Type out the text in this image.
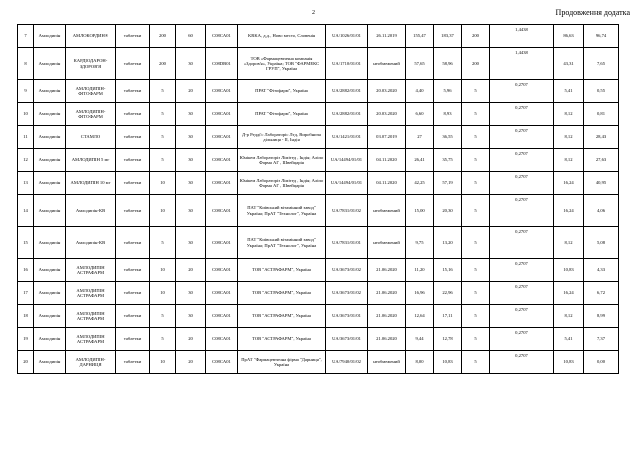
2	Продовження додатка
7	Амлодипін	АМЛОКОРДИН®	таблетки	200	60	C08CA01	KRKA, д.д., Ново место, Словенія	UA/1026/01/01	26.11.2019	155,47	183,37	200	1,4438	86,63	96,74
8	Амлодипін	КАРДІОДАРОН-ЗДОРОВ'Я	таблетки	200	30	C08DB01	ТОВ «Фармацевтична компанія «Здоров'я», Україна; ТОВ "ФАРМЕКС ГРУП", Україна	UA/1710/01/01	необмежений	57,65	58,96	200	1,4438	43,31	7,65
9	Амлодипін	АМЛОДИПІН-ФІТОФАРМ	таблетки	5	20	C08CA01	ПРАТ "Фітофарм", Україна	UA/2882/01/01	20.03.2020	4,40	5,96	5	0,2707	5,41	0,55
10	Амлодипін	АМЛОДИПІН-ФІТОФАРМ	таблетки	5	30	C08CA01	ПРАТ "Фітофарм", Україна	UA/2882/01/01	20.03.2020	6,60	8,93	5	0,2707	8,12	0,81
11	Амлодипін	СТАМЛО	таблетки	5	30	C08CA01	Д-р Редді'с Лабораторіс Лтд, Виробнича дільниця - II, Індія	UA/1421/01/01	03.07.2019	27	36,55	5	0,2707	8,12	28,43
12	Амлодипін	АМЛОДИПІН 5 мг	таблетки	5	30	C08CA01	Юнікем Лабораторіз Лімітед , Індія; Аліпо Фарма АГ , Швейцарія	UA/14494/01/01	04.11.2020	26,41	35,75	5	0,2707	8,12	27,63
13	Амлодипін	АМЛОДИПІН 10 мг	таблетки	10	30	C08CA01	Юнікем Лабораторіз Лімітед , Індія; Аліпо Фарма АГ , Швейцарія	UA/14494/01/01	04.11.2020	42,25	57,19	5	0,2707	16,24	40,95
14	Амлодипін	Амлодипін-КВ	таблетки	10	30	C08CA01	ПАТ "Київський вітамінний завод" Україна; ПрАТ "Технолог", Україна	UA/7831/01/02	необмежений	15,00	20,30	5	0,2707	16,24	4,06
15	Амлодипін	Амлодипін-КВ	таблетки	5	30	C08CA01	ПАТ "Київський вітамінний завод" Україна; ПрАТ "Технолог", Україна	UA/7831/01/01	необмежений	9,75	13,20	5	0,2707	8,12	5,08
16	Амлодипін	АМЛОДИПІН АСТРАФАРМ	таблетки	10	20	C08CA01	ТОВ "АСТРАФАРМ", Україна	UA/3673/01/02	21.06.2020	11,20	15,16	5	0,2707	10,83	4,33
17	Амлодипін	АМЛОДИПІН АСТРАФАРМ	таблетки	10	30	C08CA01	ТОВ "АСТРАФАРМ", Україна	UA/3673/01/02	21.06.2020	16,96	22,96	5	0,2707	16,24	6,72
18	Амлодипін	АМЛОДИПІН АСТРАФАРМ	таблетки	5	30	C08CA01	ТОВ "АСТРАФАРМ", Україна	UA/3673/01/01	21.06.2020	12,64	17,11	5	0,2707	8,12	8,99
19	Амлодипін	АМЛОДИПІН АСТРАФАРМ	таблетки	5	20	C08CA01	ТОВ "АСТРАФАРМ", Україна	UA/3673/01/01	21.06.2020	9,44	12,78	5	0,2707	5,41	7,37
20	Амлодипін	АМЛОДИПІН-ДАРНИЦЯ	таблетки	10	20	C08CA01	ПрАТ "Фармацевтична фірма "Дарниця", Україна	UA/7940/01/02	необмежений	8,00	10,83	5	0,2707	10,83	0,00
